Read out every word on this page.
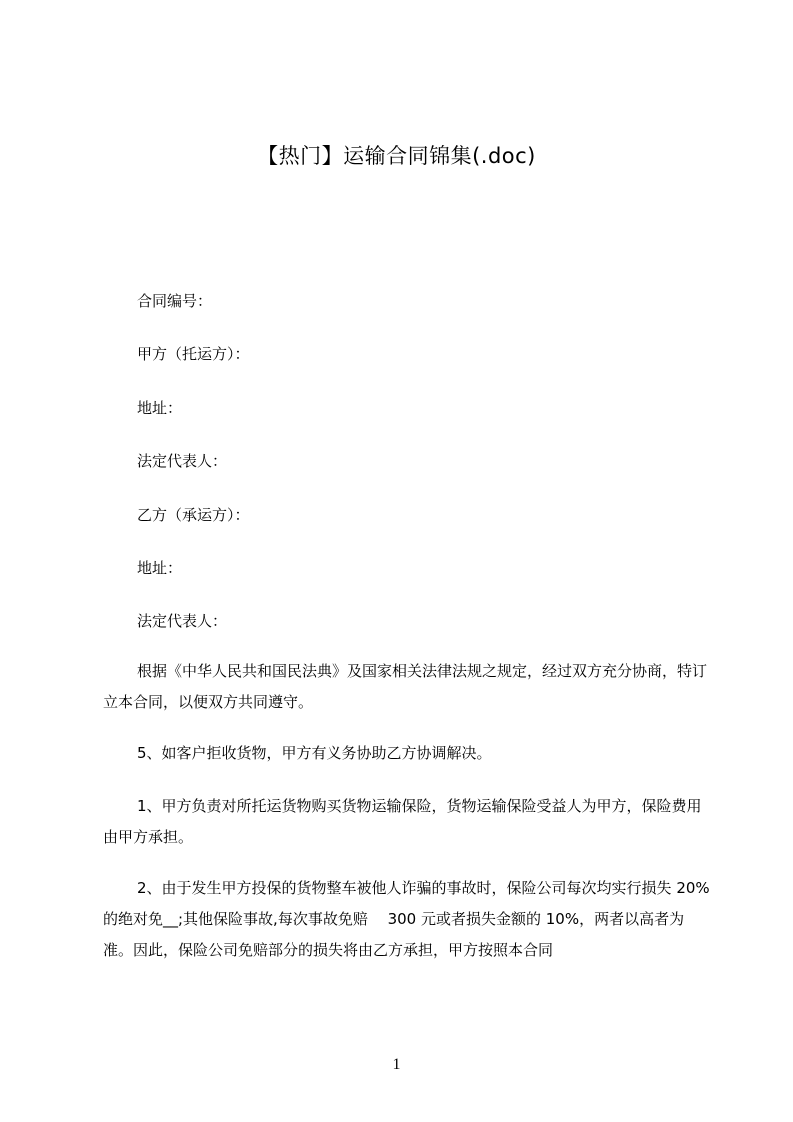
【热门】运输合同锦集(.doc)
合同编号：
甲方（托运方）：
地址：
法定代表人：
乙方（承运方）：
地址：
法定代表人：
根据《中华人民共和国民法典》及国家相关法律法规之规定，经过双方充分协商，特订立本合同，以便双方共同遵守。
5、如客户拒收货物，甲方有义务协助乙方协调解决。
1、甲方负责对所托运货物购买货物运输保险，货物运输保险受益人为甲方，保险费用由甲方承担。
2、由于发生甲方投保的货物整车被他人诈骗的事故时，保险公司每次均实行损失 20%的绝对免__;其他保险事故,每次事故免赔　 300 元或者损失金额的 10%，两者以高者为准。因此，保险公司免赔部分的损失将由乙方承担，甲方按照本合同
1
